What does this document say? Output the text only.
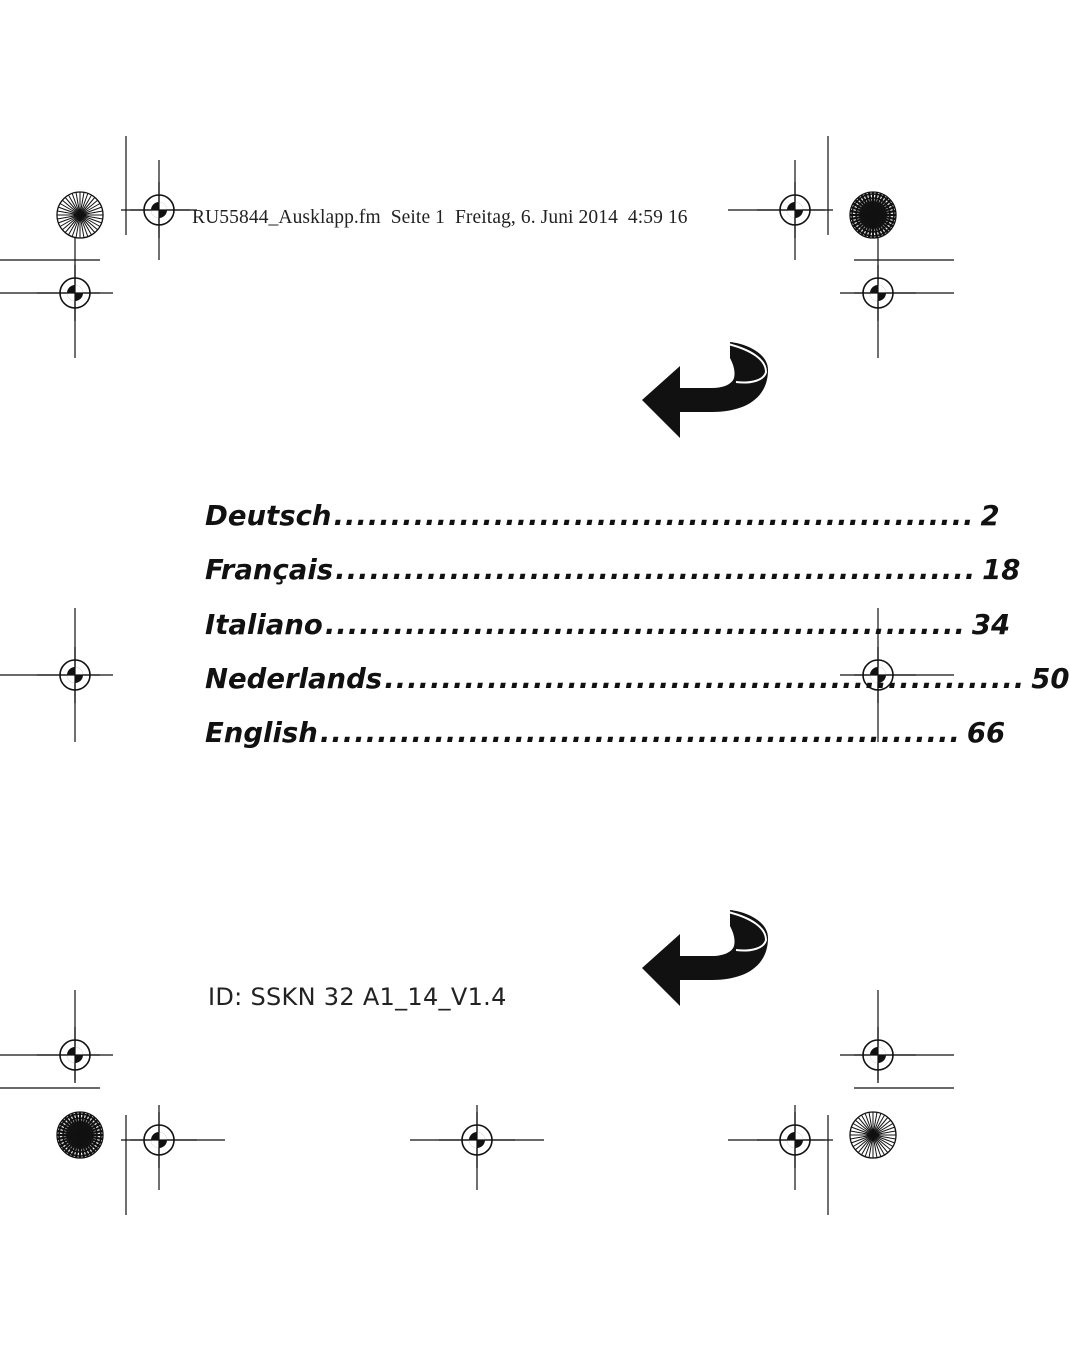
RU55844_Ausklapp.fm  Seite 1  Freitag, 6. Juni 2014  4:59 16
Deutsch ........................................................ 2
Français ........................................................ 18
Italiano ........................................................ 34
Nederlands ........................................................ 50
English ........................................................ 66
ID: SSKN 32 A1_14_V1.4
